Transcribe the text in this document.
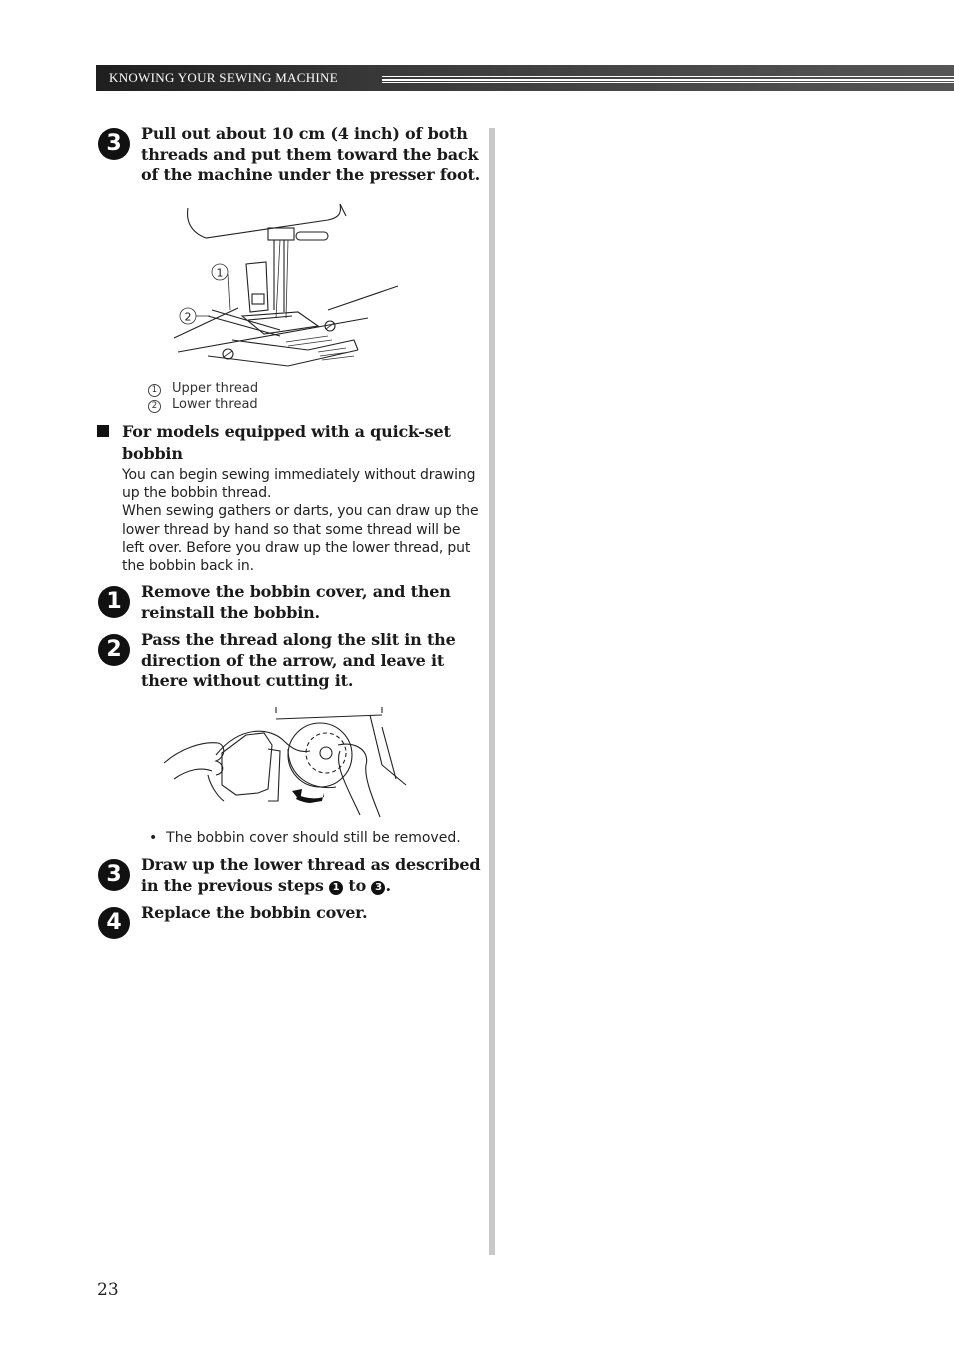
KNOWING YOUR SEWING MACHINE
3	Pull out about 10 cm (4 inch) of both threads and put them toward the back of the machine under the presser foot.
1
2
1 Upper thread
2 Lower thread
For models equipped with a quick-set bobbin

You can begin sewing immediately without drawing up the bobbin thread.

When sewing gathers or darts, you can draw up the lower thread by hand so that some thread will be left over. Before you draw up the lower thread, put the bobbin back in.

1	Remove the bobbin cover, and then reinstall the bobbin.
2	Pass the thread along the slit in the direction of the arrow, and leave it there without cutting it.
•  The bobbin cover should still be removed.
3	Draw up the lower thread as described in the previous steps 1 to 3 .
4	Replace the bobbin cover.
23
